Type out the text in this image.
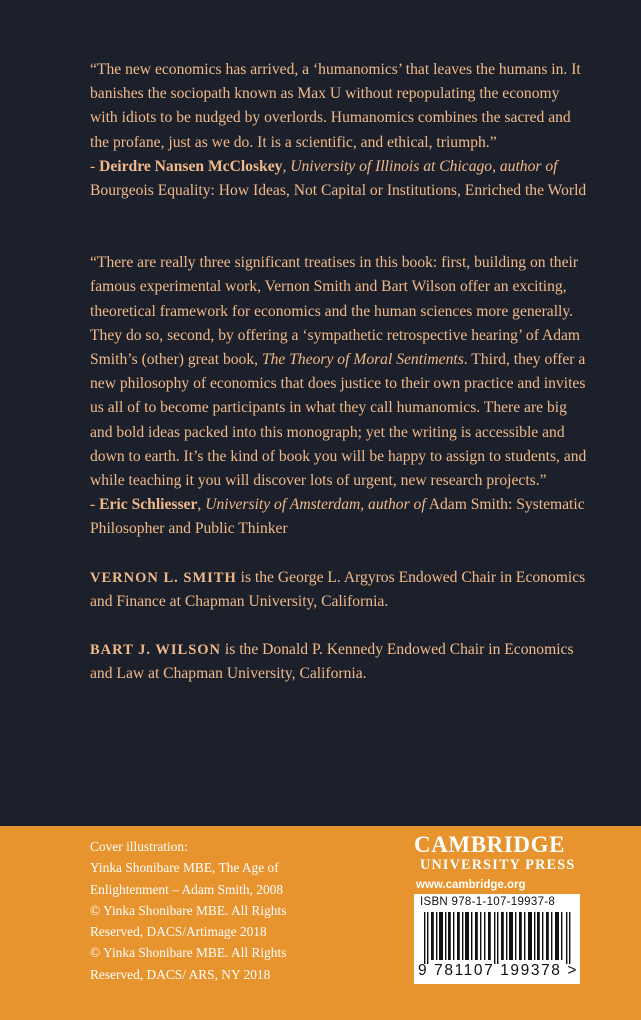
“The new economics has arrived, a ‘humanomics’ that leaves the humans in. It banishes the sociopath known as Max U without repopulating the economy with idiots to be nudged by overlords. Humanomics combines the sacred and the profane, just as we do. It is a scientific, and ethical, triumph.”
- Deirdre Nansen McCloskey, University of Illinois at Chicago, author of Bourgeois Equality: How Ideas, Not Capital or Institutions, Enriched the World

“There are really three significant treatises in this book: first, building on their famous experimental work, Vernon Smith and Bart Wilson offer an exciting, theoretical framework for economics and the human sciences more generally. They do so, second, by offering a ‘sympathetic retrospective hearing’ of Adam Smith’s (other) great book, The Theory of Moral Sentiments. Third, they offer a new philosophy of economics that does justice to their own practice and invites us all of to become participants in what they call humanomics. There are big and bold ideas packed into this monograph; yet the writing is accessible and down to earth. It’s the kind of book you will be happy to assign to students, and while teaching it you will discover lots of urgent, new research projects.”
- Eric Schliesser, University of Amsterdam, author of Adam Smith: Systematic Philosopher and Public Thinker

VERNON L. SMITH is the George L. Argyros Endowed Chair in Economics and Finance at Chapman University, California.

BART J. WILSON is the Donald P. Kennedy Endowed Chair in Economics and Law at Chapman University, California.

Cover illustration:
Yinka Shonibare MBE, The Age of
Enlightenment – Adam Smith, 2008
© Yinka Shonibare MBE. All Rights
Reserved, DACS/Artimage 2018
© Yinka Shonibare MBE. All Rights
Reserved, DACS/ ARS, NY 2018
CAMBRIDGE
UNIVERSITY PRESS
www.cambridge.org
ISBN 978-1-107-19937-8
9 781107 199378 >
